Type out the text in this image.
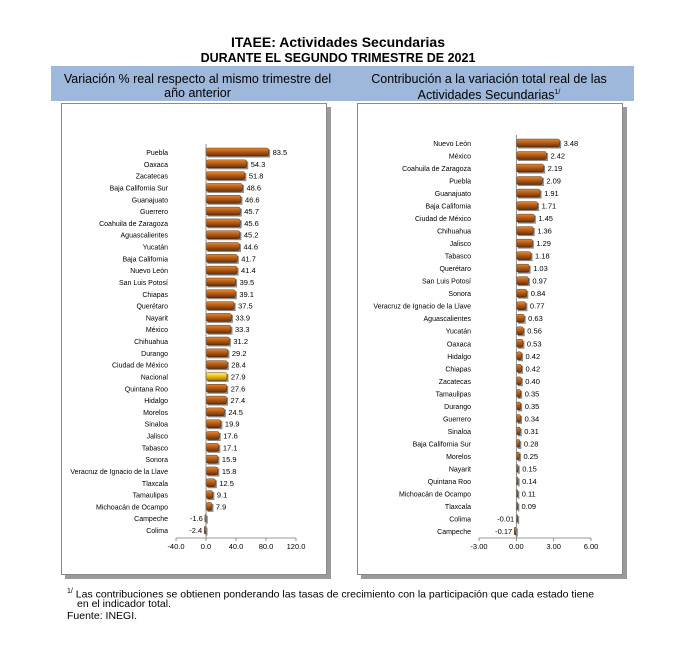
ITAEE: Actividades Secundarias
DURANTE EL SEGUNDO TRIMESTRE DE 2021
Variación % real respecto al mismo trimestre del año anterior
Contribución a la variación total real de las Actividades Secundarias$^{1/}$
Puebla	83.5
Oaxaca	54.3
Zacatecas	51.8
Baja California Sur	48.6
Guanajuato	46.6
Guerrero	45.7
Coahuila de Zaragoza	45.6
Aguascalientes	45.2
Yucatán	44.6
Baja California	41.7
Nuevo León	41.4
San Luis Potosí	39.5
Chiapas	39.1
Querétaro	37.5
Nayarit	33.9
México	33.3
Chihuahua	31.2
Durango	29.2
Ciudad de México	28.4
Nacional	27.9
Quintana Roo	27.6
Hidalgo	27.4
Morelos	24.5
Sinaloa	19.9
Jalisco	17.6
Tabasco	17.1
Sonora	15.9
Veracruz de Ignacio de la Llave	15.8
Tlaxcala	12.5
Tamaulipas	9.1
Michoacán de Ocampo	7.9
Campeche	-1.6
Colima	-2.4
-40.0 0.0 40.0 80.0 120.0
Nuevo León	3.48
México	2.42
Coahuila de Zaragoza	2.19
Puebla	2.09
Guanajuato	1.91
Baja California	1.71
Ciudad de México	1.45
Chihuahua	1.36
Jalisco	1.29
Tabasco	1.18
Querétaro	1.03
San Luis Potosí	0.97
Sonora	0.84
Veracruz de Ignacio de la Llave	0.77
Aguascalientes	0.63
Yucatán	0.56
Oaxaca	0.53
Hidalgo	0.42
Chiapas	0.42
Zacatecas	0.40
Tamaulipas	0.35
Durango	0.35
Guerrero	0.34
Sinaloa	0.31
Baja California Sur	0.28
Morelos	0.25
Nayarit	0.15
Quintana Roo	0.14
Michoacán de Ocampo	0.11
Tlaxcala	0.09
Colima	-0.01
Campeche	-0.17
-3.00	0.00	3.00	6.00
$^{1/}$ Las contribuciones se obtienen ponderando las tasas de crecimiento con la participación que cada estado tiene
en el indicador total.
Fuente: INEGI.
